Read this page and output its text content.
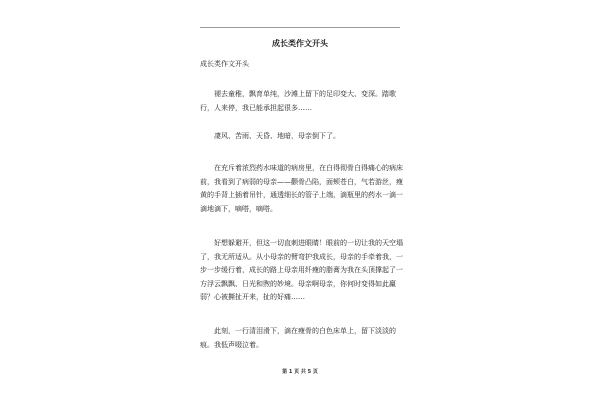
成长类作文开头
成长类作文开头
褪去童稚，飘育单纯，沙滩上留下的足印变大、变深。踏歌行，人来停，我已能承担起很多……
凄风、苦雨、天昏、地暗，母亲倒下了。
在充斥着浓烈药水味道的病房里，在白得彻骨白得痛心的病床前，我看到了病弱的母亲——颧骨凸陷，面颊苍白，气若游丝，瘦黄的手背上插着吊针，通透细长的管子上端，滴瓶里的药水一滴一滴地滴下，嘀嗒，嘀嗒。
好想躲避开，但这一切直刺进眼睛！眼前的一切让我的天空塌了，我无所适从。从小母亲的臂弯护我成长，母亲的手牵着我，一步一步缓行着，成长的路上母亲用纤瘦的脂膏为我在头顶撑起了一方浮云飘飘、日光和煦的妙境。母亲啊母亲，你何时变得如此羸弱？心被撕扯开来，扯的好痛……
此刻，一行清泪滑下，滴在瘦骨的白色床单上，留下淡淡的痕。我低声啜泣着。
第 1 页 共 5 页
